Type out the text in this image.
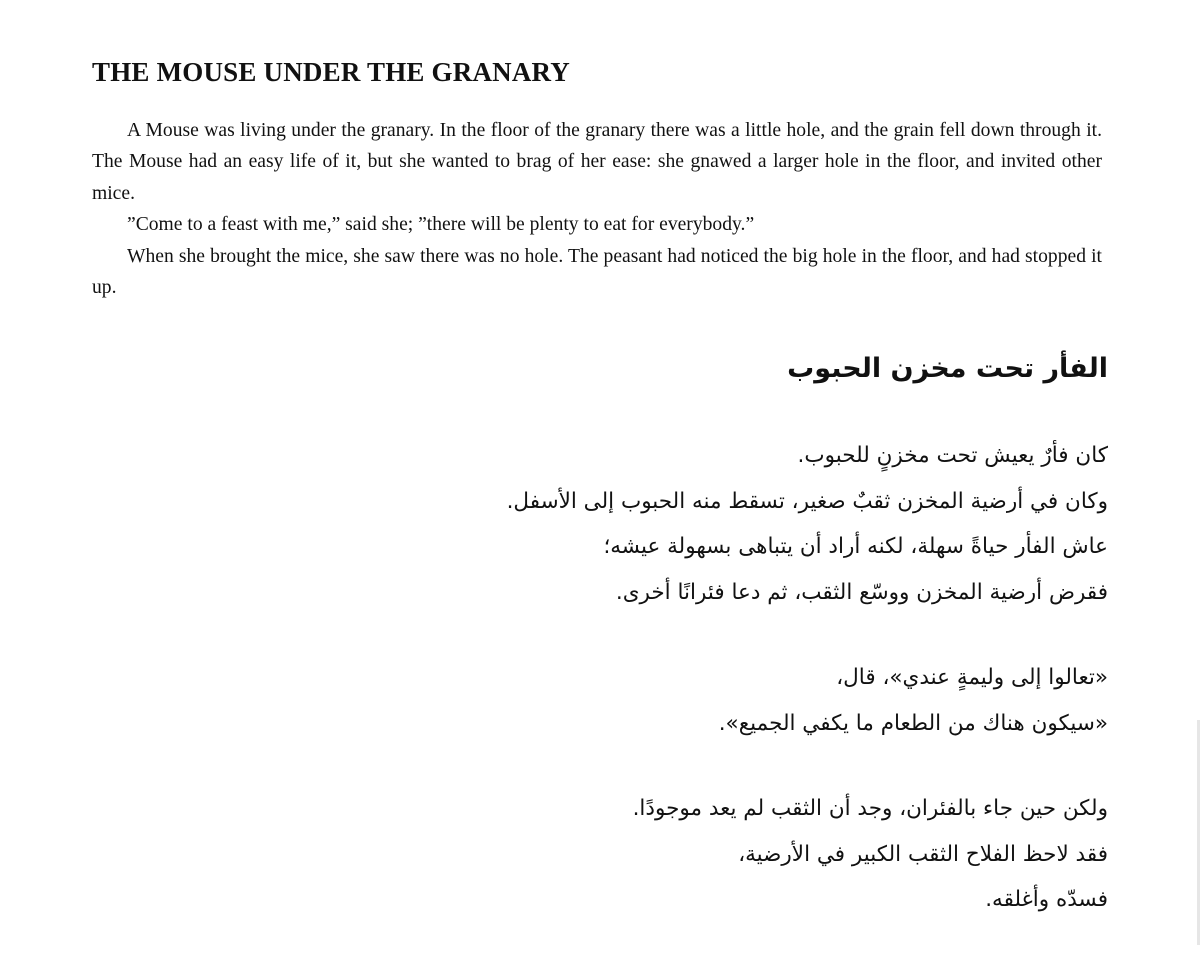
THE MOUSE UNDER THE GRANARY

A Mouse was living under the granary. In the floor of the granary there was a little hole, and the grain fell down through it. The Mouse had an easy life of it, but she wanted to brag of her ease: she gnawed a larger hole in the floor, and invited other mice.

”Come to a feast with me,” said she; ”there will be plenty to eat for everybody.”

When she brought the mice, she saw there was no hole. The peasant had noticed the big hole in the floor, and had stopped it up.

الفأر تحت مخزن الحبوب

كان فأرٌ يعيش تحت مخزنٍ للحبوب.
وكان في أرضية المخزن ثقبٌ صغير، تسقط منه الحبوب إلى الأسفل.
عاش الفأر حياةً سهلة، لكنه أراد أن يتباهى بسهولة عيشه؛
فقرض أرضية المخزن ووسّع الثقب، ثم دعا فئرانًا أخرى.

«تعالوا إلى وليمةٍ عندي»، قال،
«سيكون هناك من الطعام ما يكفي الجميع».

ولكن حين جاء بالفئران، وجد أن الثقب لم يعد موجودًا.
فقد لاحظ الفلاح الثقب الكبير في الأرضية،
فسدّه وأغلقه.
